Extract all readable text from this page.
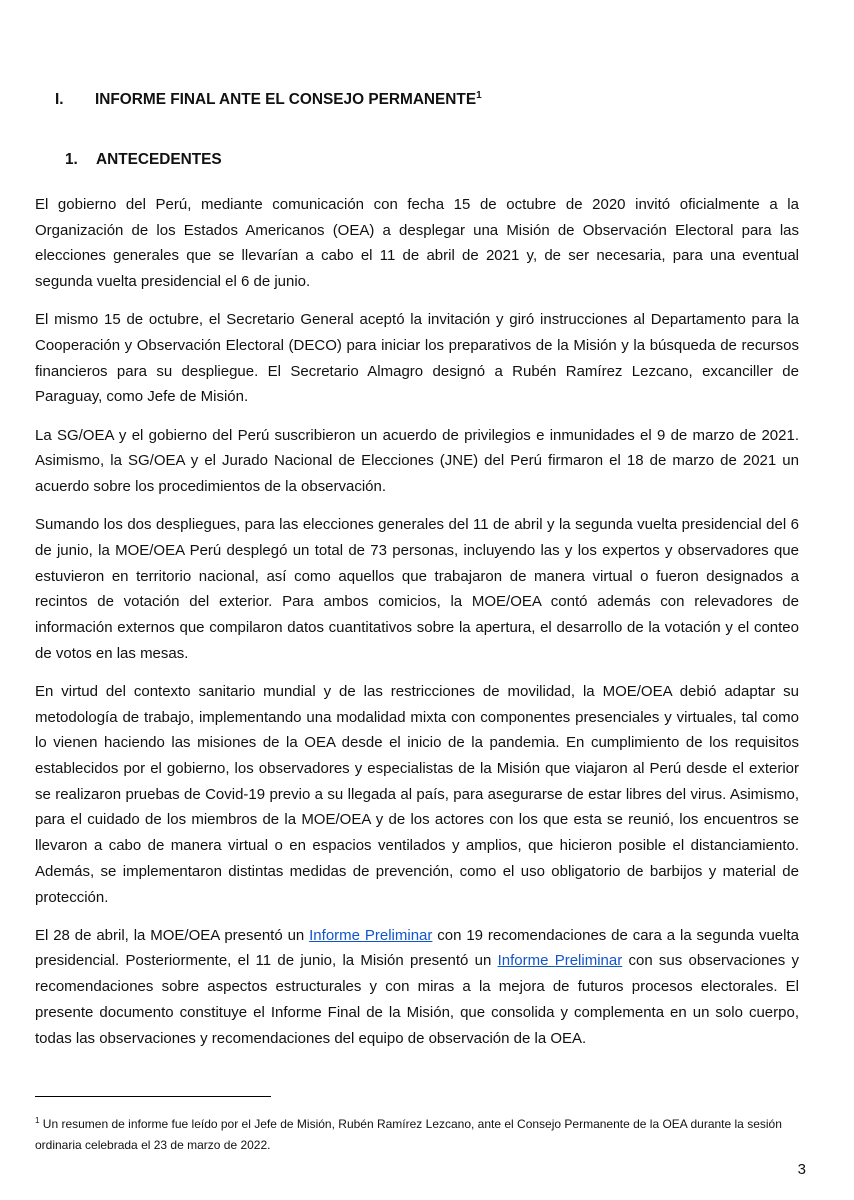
I. INFORME FINAL ANTE EL CONSEJO PERMANENTE$^1$
1. ANTECEDENTES

El gobierno del Perú, mediante comunicación con fecha 15 de octubre de 2020 invitó oficialmente a la Organización de los Estados Americanos (OEA) a desplegar una Misión de Observación Electoral para las elecciones generales que se llevarían a cabo el 11 de abril de 2021 y, de ser necesaria, para una eventual segunda vuelta presidencial el 6 de junio.

El mismo 15 de octubre, el Secretario General aceptó la invitación y giró instrucciones al Departamento para la Cooperación y Observación Electoral (DECO) para iniciar los preparativos de la Misión y la búsqueda de recursos financieros para su despliegue. El Secretario Almagro designó a Rubén Ramírez Lezcano, excanciller de Paraguay, como Jefe de Misión.

La SG/OEA y el gobierno del Perú suscribieron un acuerdo de privilegios e inmunidades el 9 de marzo de 2021. Asimismo, la SG/OEA y el Jurado Nacional de Elecciones (JNE) del Perú firmaron el 18 de marzo de 2021 un acuerdo sobre los procedimientos de la observación.

Sumando los dos despliegues, para las elecciones generales del 11 de abril y la segunda vuelta presidencial del 6 de junio, la MOE/OEA Perú desplegó un total de 73 personas, incluyendo las y los expertos y observadores que estuvieron en territorio nacional, así como aquellos que trabajaron de manera virtual o fueron designados a recintos de votación del exterior. Para ambos comicios, la MOE/OEA contó además con relevadores de información externos que compilaron datos cuantitativos sobre la apertura, el desarrollo de la votación y el conteo de votos en las mesas.

En virtud del contexto sanitario mundial y de las restricciones de movilidad, la MOE/OEA debió adaptar su metodología de trabajo, implementando una modalidad mixta con componentes presenciales y virtuales, tal como lo vienen haciendo las misiones de la OEA desde el inicio de la pandemia. En cumplimiento de los requisitos establecidos por el gobierno, los observadores y especialistas de la Misión que viajaron al Perú desde el exterior se realizaron pruebas de Covid-19 previo a su llegada al país, para asegurarse de estar libres del virus. Asimismo, para el cuidado de los miembros de la MOE/OEA y de los actores con los que esta se reunió, los encuentros se llevaron a cabo de manera virtual o en espacios ventilados y amplios, que hicieron posible el distanciamiento. Además, se implementaron distintas medidas de prevención, como el uso obligatorio de barbijos y material de protección.

El 28 de abril, la MOE/OEA presentó un Informe Preliminar con 19 recomendaciones de cara a la segunda vuelta presidencial. Posteriormente, el 11 de junio, la Misión presentó un Informe Preliminar con sus observaciones y recomendaciones sobre aspectos estructurales y con miras a la mejora de futuros procesos electorales. El presente documento constituye el Informe Final de la Misión, que consolida y complementa en un solo cuerpo, todas las observaciones y recomendaciones del equipo de observación de la OEA.

$^1$ Un resumen de informe fue leído por el Jefe de Misión, Rubén Ramírez Lezcano, ante el Consejo Permanente de la OEA durante la sesión ordinaria celebrada el 23 de marzo de 2022.
3
